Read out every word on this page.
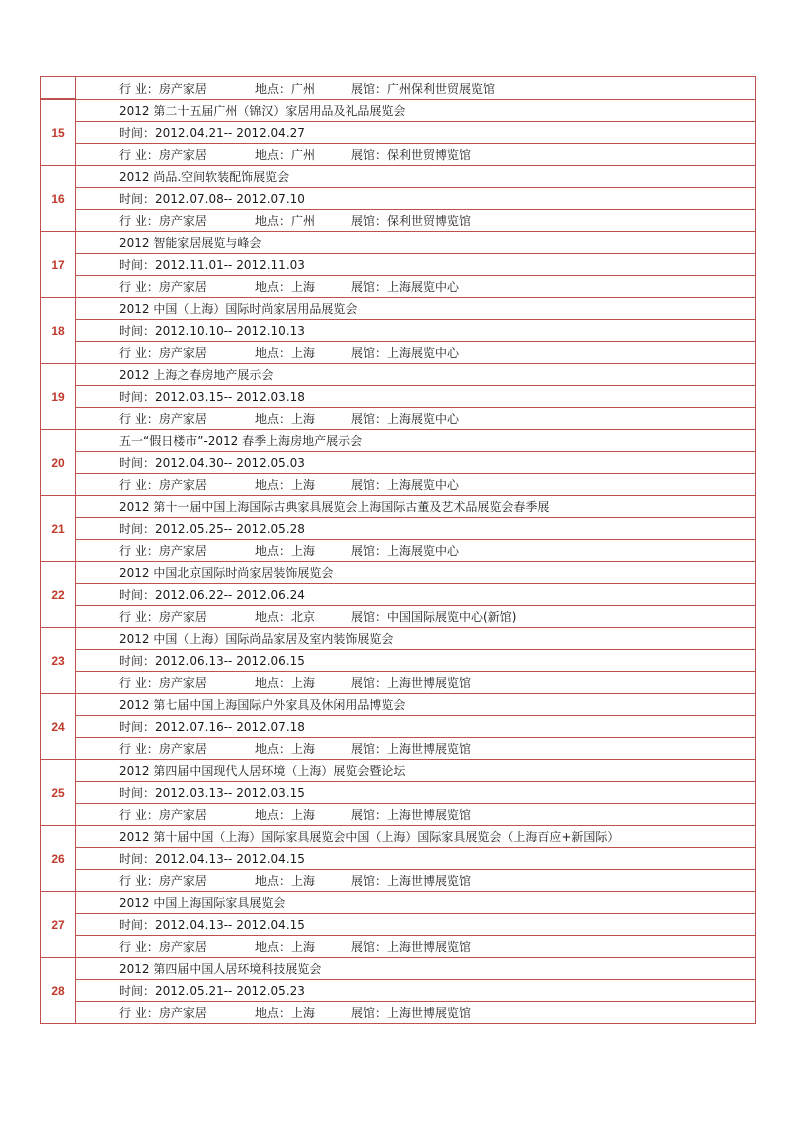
行 业：房产家居	地点：广州	展馆：广州保利世贸展览馆
15
2012 第二十五届广州（锦汉）家居用品及礼品展览会
时间： 2012.04.21-- 2012.04.27
行 业：房产家居	地点：广州	展馆：保利世贸博览馆
16
2012 尚品.空间软装配饰展览会
时间： 2012.07.08-- 2012.07.10
行 业：房产家居	地点：广州	展馆：保利世贸博览馆
17
2012 智能家居展览与峰会
时间： 2012.11.01-- 2012.11.03
行 业：房产家居	地点：上海	展馆：上海展览中心
18
2012 中国（上海）国际时尚家居用品展览会
时间： 2012.10.10-- 2012.10.13
行 业：房产家居	地点：上海	展馆：上海展览中心
19
2012 上海之春房地产展示会
时间： 2012.03.15-- 2012.03.18
行 业：房产家居	地点：上海	展馆：上海展览中心
20
五一“假日楼市”-2012 春季上海房地产展示会
时间： 2012.04.30-- 2012.05.03
行 业：房产家居	地点：上海	展馆：上海展览中心
21
2012 第十一届中国上海国际古典家具展览会上海国际古董及艺术品展览会春季展
时间： 2012.05.25-- 2012.05.28
行 业：房产家居	地点：上海	展馆：上海展览中心
22
2012 中国北京国际时尚家居装饰展览会
时间： 2012.06.22-- 2012.06.24
行 业：房产家居	地点：北京	展馆：中国国际展览中心(新馆)
23
2012 中国（上海）国际尚品家居及室内装饰展览会
时间： 2012.06.13-- 2012.06.15
行 业：房产家居	地点：上海	展馆：上海世博展览馆
24
2012 第七届中国上海国际户外家具及休闲用品博览会
时间： 2012.07.16-- 2012.07.18
行 业：房产家居	地点：上海	展馆：上海世博展览馆
25
2012 第四届中国现代人居环境（上海）展览会暨论坛
时间： 2012.03.13-- 2012.03.15
行 业：房产家居	地点：上海	展馆：上海世博展览馆
26
2012 第十届中国（上海）国际家具展览会中国（上海）国际家具展览会（上海百应+新国际）
时间： 2012.04.13-- 2012.04.15
行 业：房产家居	地点：上海	展馆：上海世博展览馆
27
2012 中国上海国际家具展览会
时间： 2012.04.13-- 2012.04.15
行 业：房产家居	地点：上海	展馆：上海世博展览馆
28
2012 第四届中国人居环境科技展览会
时间： 2012.05.21-- 2012.05.23
行 业：房产家居	地点：上海	展馆：上海世博展览馆
